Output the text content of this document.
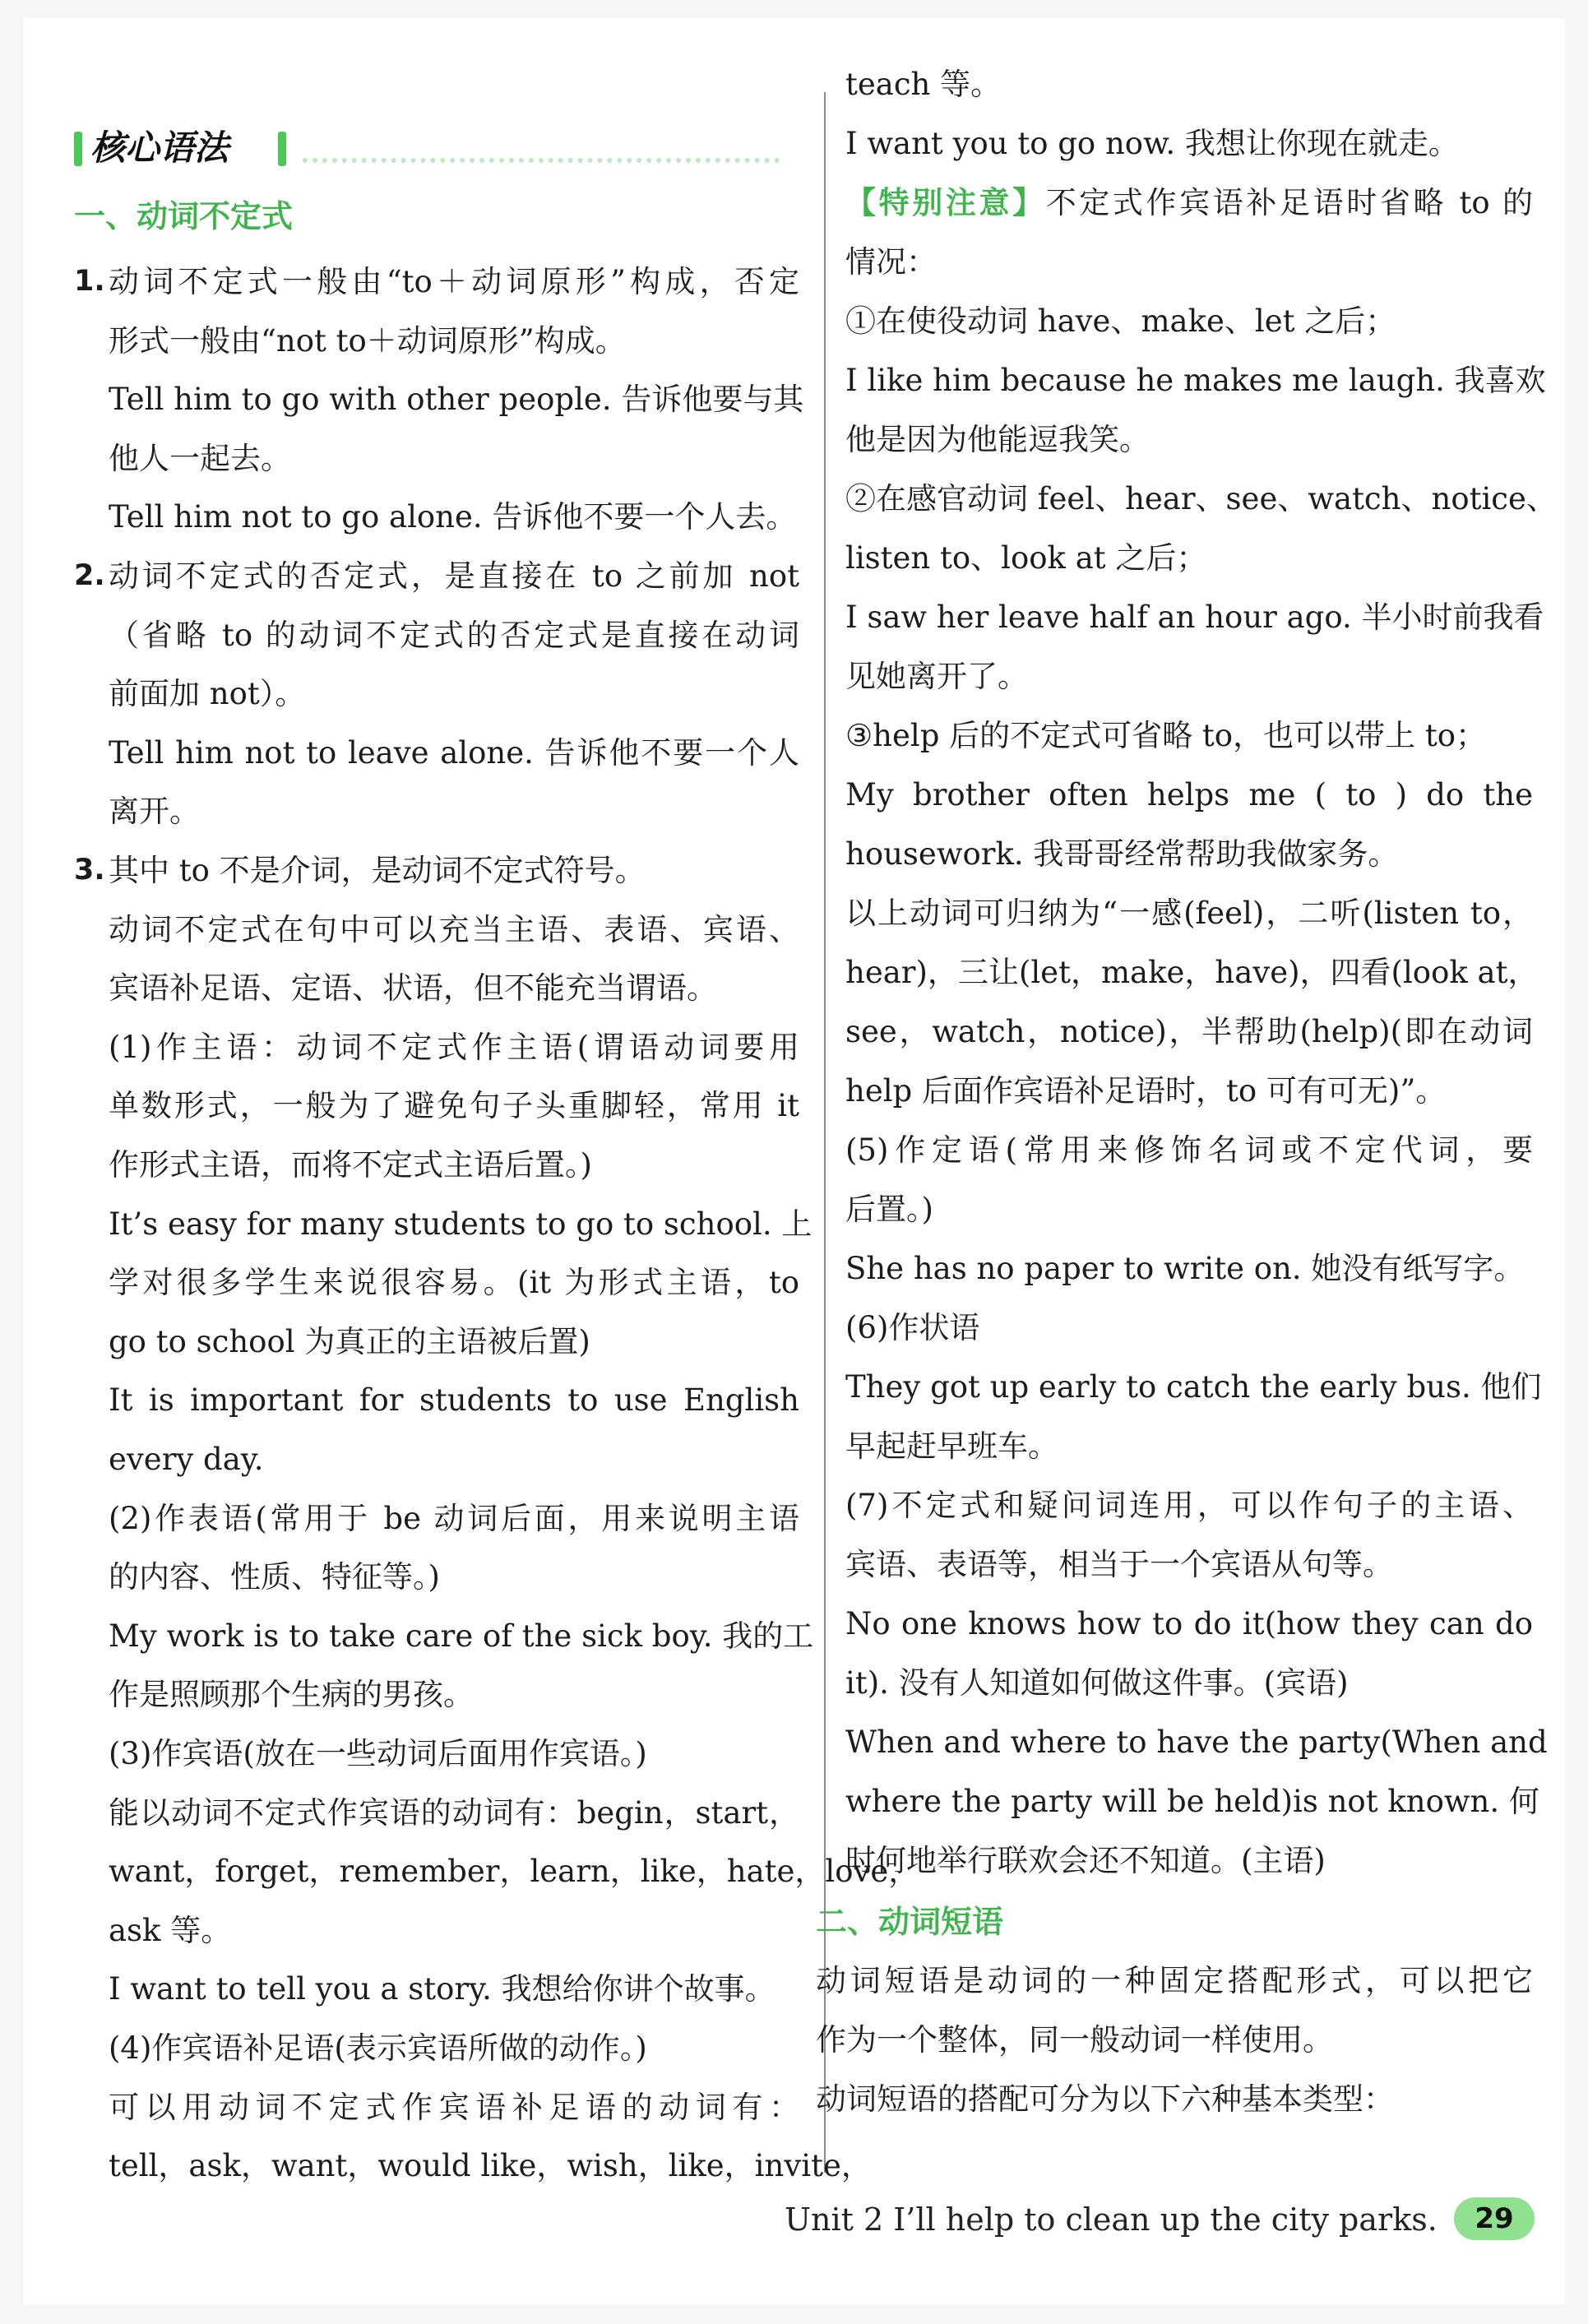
核心语法
一、动词不定式
1. 动词不定式一般由“to＋动词原形”构成，否定
形式一般由“not to＋动词原形”构成。
Tell him to go with other people. 告诉他要与其
他人一起去。
Tell him not to go alone. 告诉他不要一个人去。
2. 动词不定式的否定式，是直接在 to 之前加 not
（省略 to 的动词不定式的否定式是直接在动词
前面加 not）。
Tell him not to leave alone. 告诉他不要一个人
离开。
3. 其中 to 不是介词，是动词不定式符号。
动词不定式在句中可以充当主语、表语、宾语、
宾语补足语、定语、状语，但不能充当谓语。
(1)作主语：动词不定式作主语(谓语动词要用
单数形式，一般为了避免句子头重脚轻，常用 it
作形式主语，而将不定式主语后置。)
It’s easy for many students to go to school. 上
学对很多学生来说很容易。(it 为形式主语，to
go to school 为真正的主语被后置)
It is important for students to use English
every day.
(2)作表语(常用于 be 动词后面，用来说明主语
的内容、性质、特征等。)
My work is to take care of the sick boy. 我的工
作是照顾那个生病的男孩。
(3)作宾语(放在一些动词后面用作宾语。)
能以动词不定式作宾语的动词有：begin，start，
want，forget，remember，learn，like，hate，love，
ask 等。
I want to tell you a story. 我想给你讲个故事。
(4)作宾语补足语(表示宾语所做的动作。)
可以用动词不定式作宾语补足语的动词有：
tell，ask，want，would like，wish，like，invite，
teach 等。
I want you to go now. 我想让你现在就走。
【特别注意】不定式作宾语补足语时省略 to 的
情况：
①在使役动词 have、make、let 之后；
I like him because he makes me laugh. 我喜欢
他是因为他能逗我笑。
②在感官动词 feel、hear、see、watch、notice、
listen to、look at 之后；
I saw her leave half an hour ago. 半小时前我看
见她离开了。
③help 后的不定式可省略 to，也可以带上 to；
My brother often helps me ( to ) do the
housework. 我哥哥经常帮助我做家务。
以上动词可归纳为“一感(feel)，二听(listen to，
hear)，三让(let，make，have)，四看(look at，
see，watch，notice)，半帮助(help)(即在动词
help 后面作宾语补足语时，to 可有可无)”。
(5)作定语(常用来修饰名词或不定代词，要
后置。)
She has no paper to write on. 她没有纸写字。
(6)作状语
They got up early to catch the early bus. 他们
早起赶早班车。
(7)不定式和疑问词连用，可以作句子的主语、
宾语、表语等，相当于一个宾语从句等。
No one knows how to do it(how they can do
it). 没有人知道如何做这件事。(宾语)
When and where to have the party(When and
where the party will be held)is not known. 何
时何地举行联欢会还不知道。(主语)
二、动词短语
动词短语是动词的一种固定搭配形式，可以把它
作为一个整体，同一般动词一样使用。
动词短语的搭配可分为以下六种基本类型：
Unit 2 I’ll help to clean up the city parks.	29
